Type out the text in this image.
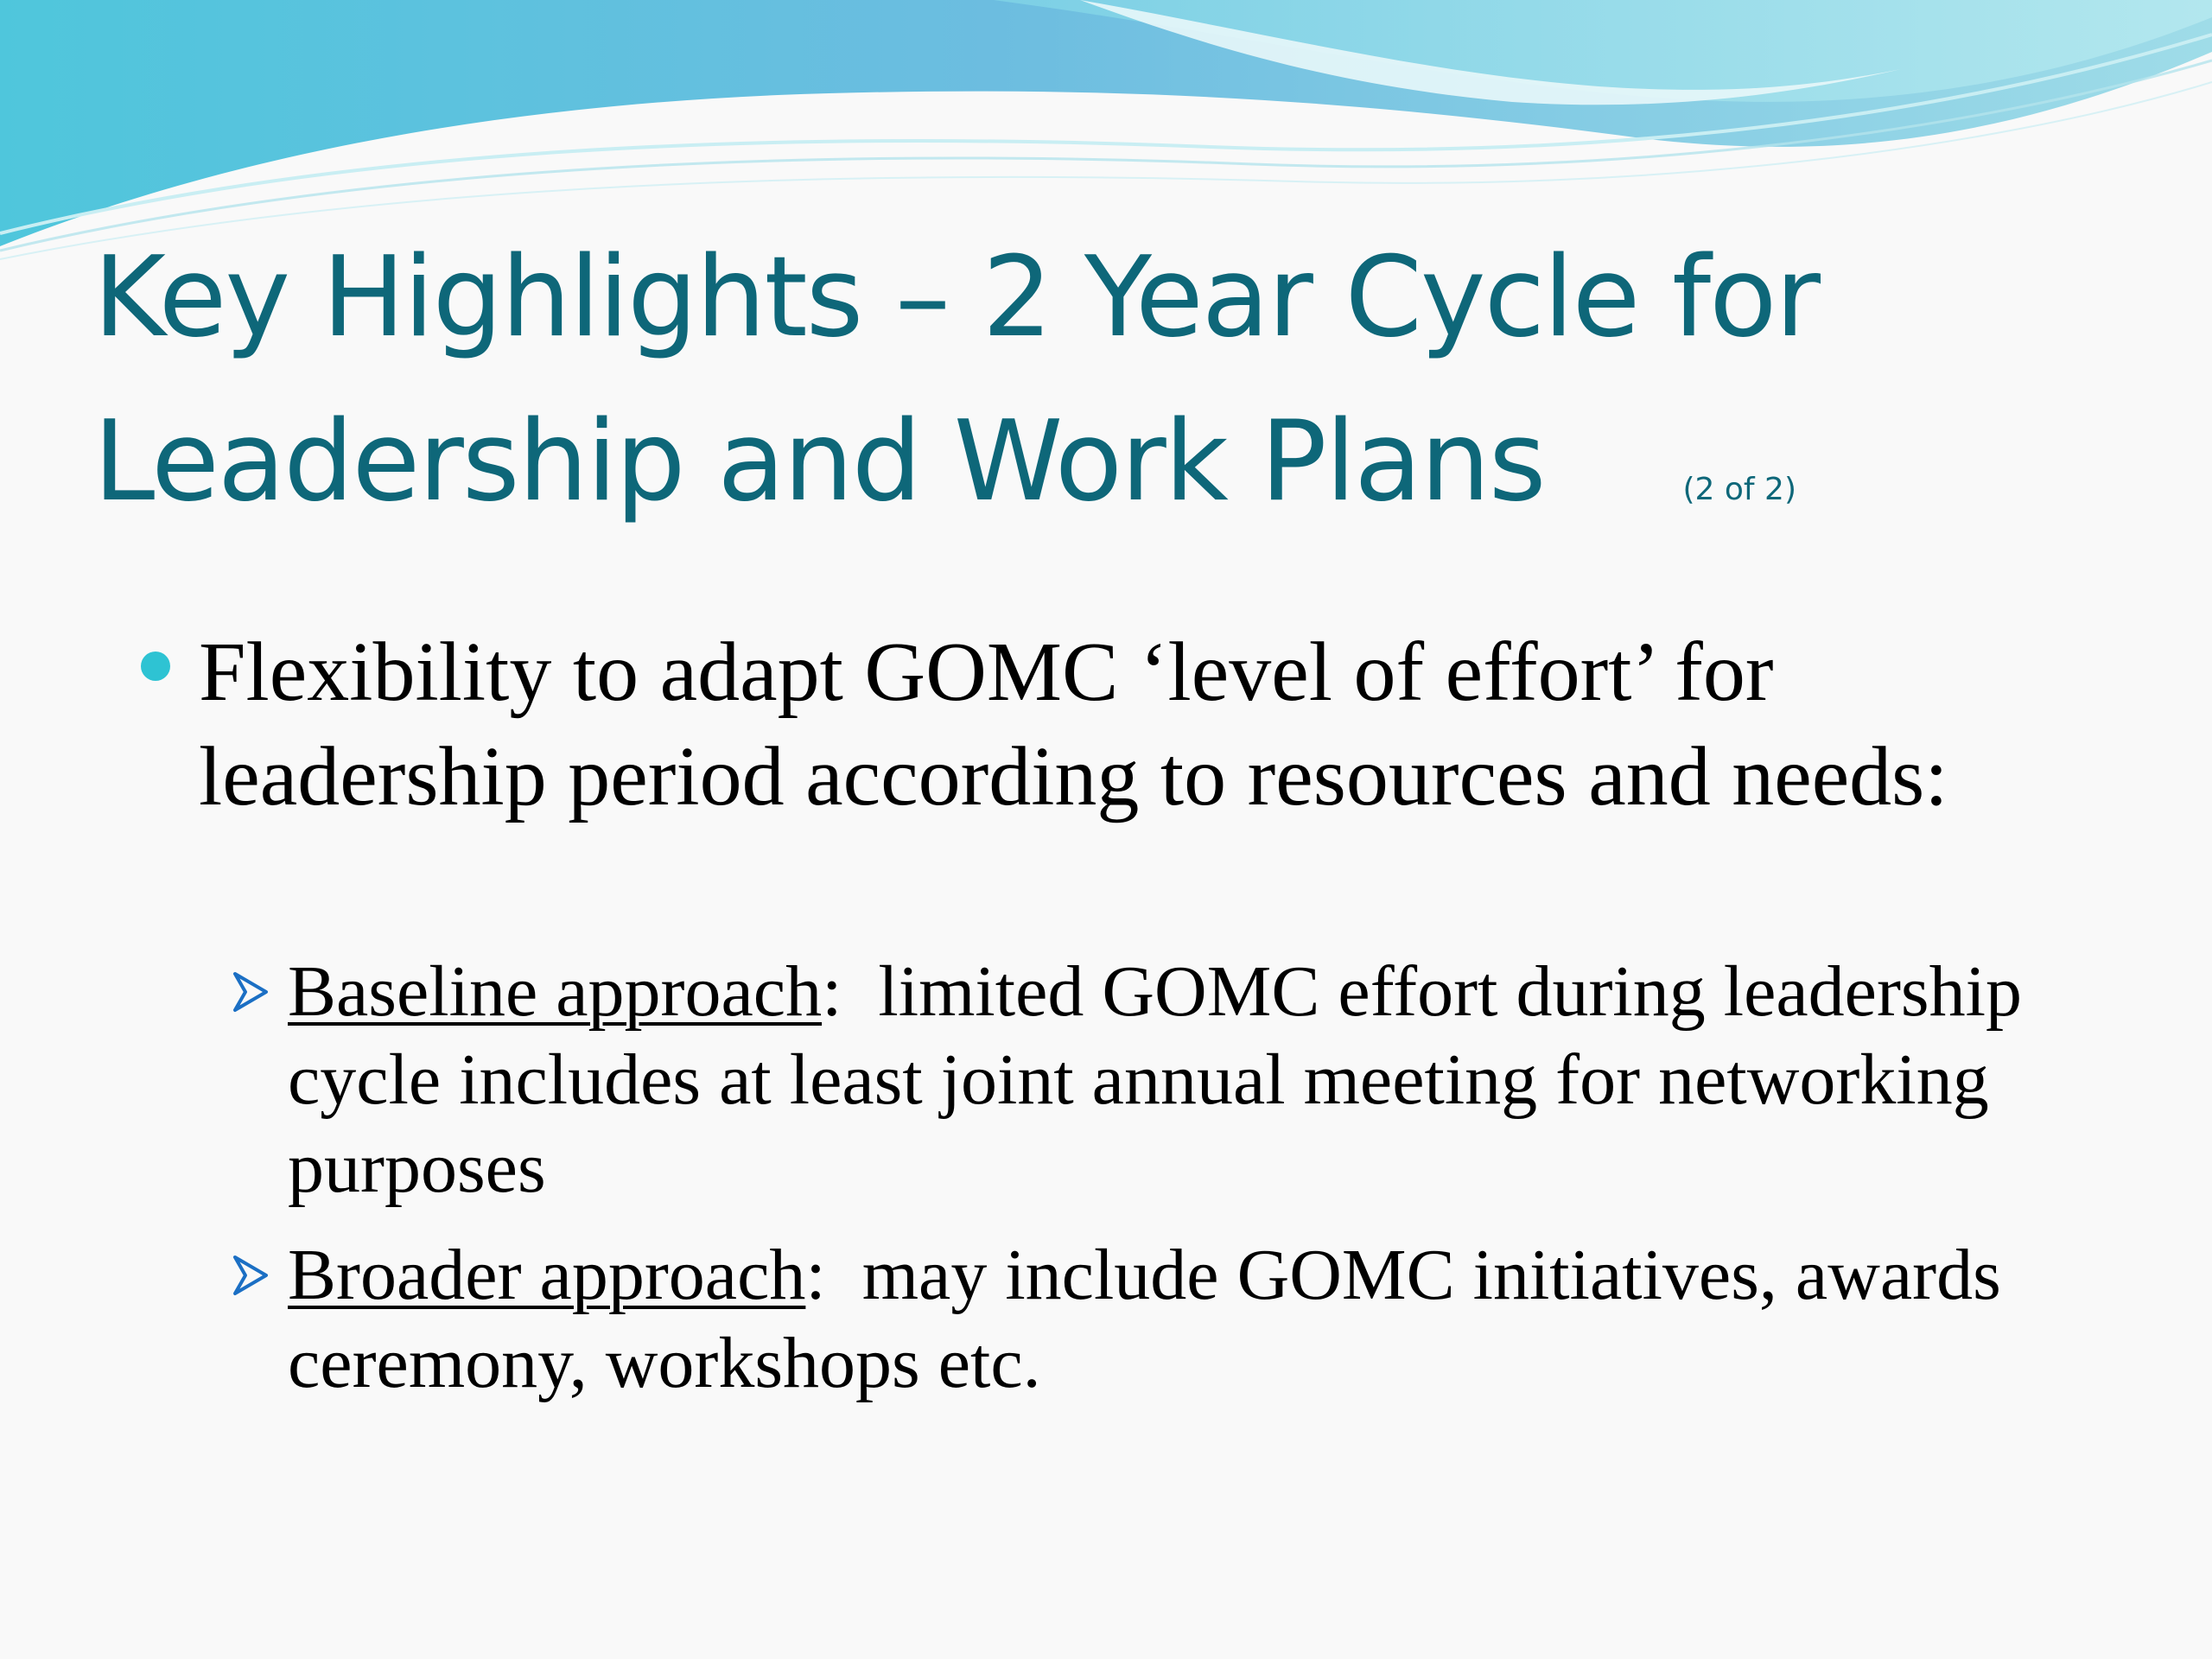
Key Highlights – 2 Year Cycle for
Leadership and Work Plans	(2 of 2)
Flexibility to adapt GOMC ‘level of effort’ for leadership period according to resources and needs:
Baseline approach:  limited GOMC effort during leadership cycle includes at least joint annual meeting for networking purposes
Broader approach:  may include GOMC initiatives, awards ceremony, workshops etc.
